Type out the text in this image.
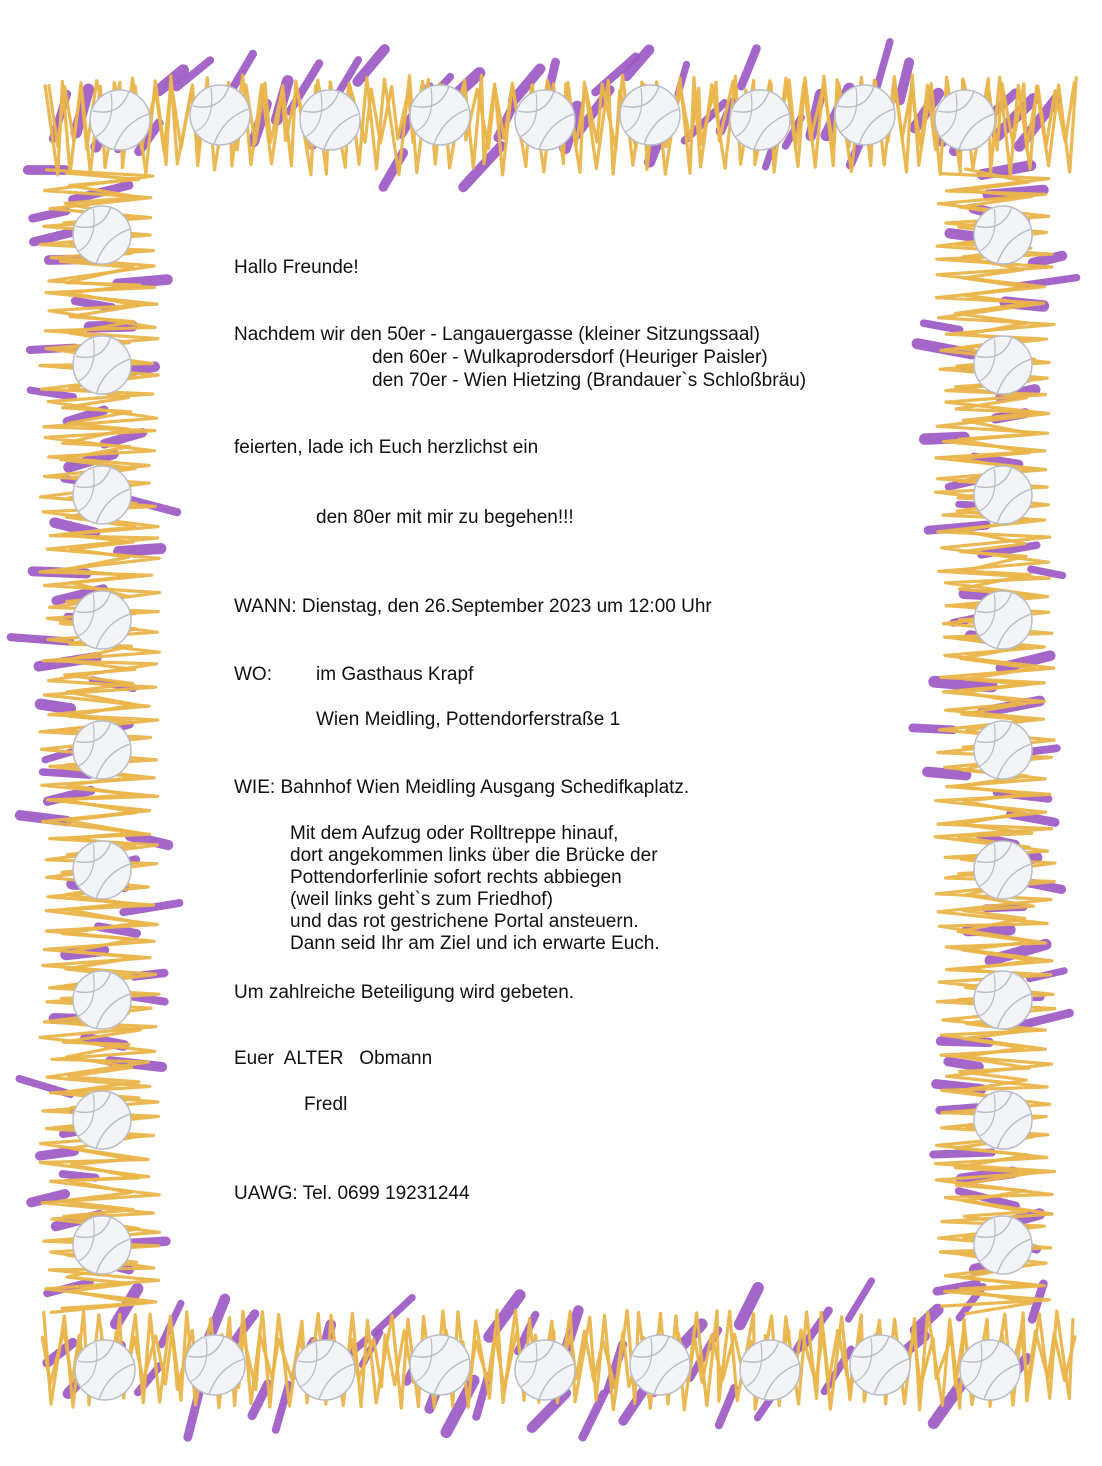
Hallo Freunde!
Nachdem wir den 50er - Langauergasse (kleiner Sitzungssaal)
den 60er - Wulkaprodersdorf (Heuriger Paisler)
den 70er - Wien Hietzing (Brandauer`s Schloßbräu)
feierten, lade ich Euch herzlichst ein
den 80er mit mir zu begehen!!!
WANN: Dienstag, den 26.September 2023 um 12:00 Uhr
WO: im Gasthaus Krapf
Wien Meidling, Pottendorferstraße 1
WIE: Bahnhof Wien Meidling Ausgang Schedifkaplatz.
Mit dem Aufzug oder Rolltreppe hinauf,
dort angekommen links über die Brücke der
Pottendorferlinie sofort rechts abbiegen
(weil links geht`s zum Friedhof)
und das rot gestrichene Portal ansteuern.
Dann seid Ihr am Ziel und ich erwarte Euch.
Um zahlreiche Beteiligung wird gebeten.
Euer  ALTER   Obmann
Fredl
UAWG: Tel. 0699 19231244
